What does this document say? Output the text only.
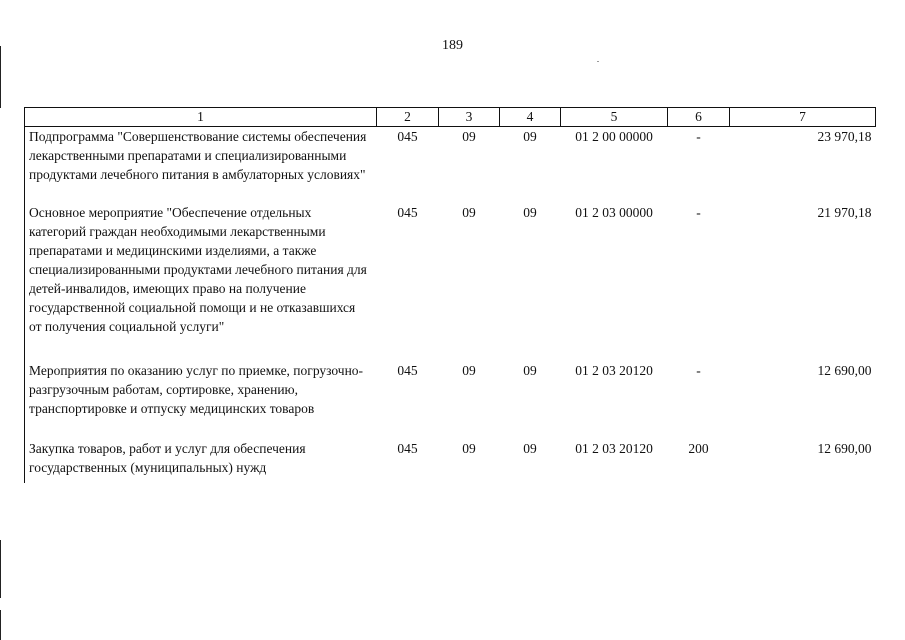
189
1	2	3	4	5	6	7
Подпрограмма "Совершенствование системы обеспечения лекарственными препаратами и специализированными продуктами лечебного питания в амбулаторных условиях"	045	09	09	01 2 00 00000	-	23 970,18
Основное мероприятие "Обеспечение отдельных категорий граждан необходимыми лекарственными препаратами и медицинскими изделиями, а также специализированными продуктами лечебного питания для детей-инвалидов, имеющих право на получение государственной социальной помощи и не отказавшихся от получения социальной услуги"	045	09	09	01 2 03 00000	-	21 970,18
Мероприятия по оказанию услуг по приемке, погрузочно-разгрузочным работам, сортировке, хранению, транспортировке и отпуску медицинских товаров	045	09	09	01 2 03 20120	-	12 690,00
Закупка товаров, работ и услуг для обеспечения государственных (муниципальных) нужд	045	09	09	01 2 03 20120	200	12 690,00
